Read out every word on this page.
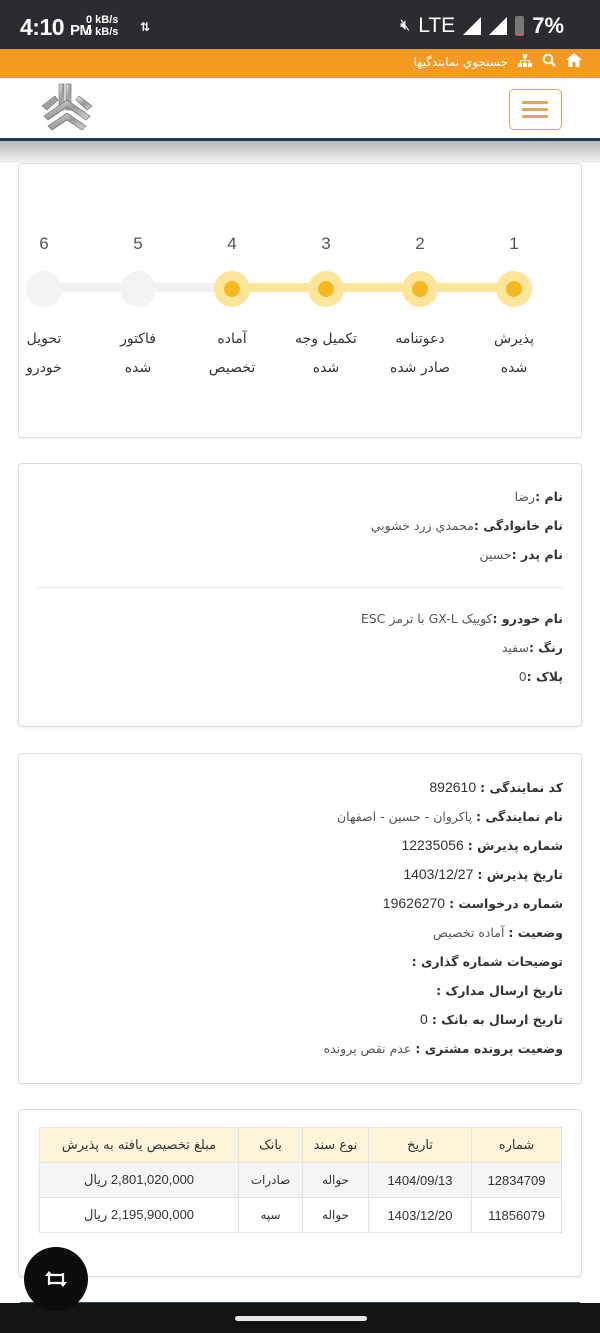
4:10 PM
0 kB/s
0 kB/s ⇅	🔇︎ LTE	7%
جستجوي نمايندگيها
1
پذيرش شده
2
دعوتنامه صادر شده
3
تكميل وجه شده
4
آماده تخصيص
5
فاكتور شده
6
تحويل خودرو
نام :رضا
نام خانوادگی :محمدي زرد خشوبي
نام پدر :حسين
نام خودرو :كوييک GX-L با ترمز ESC
رنگ :سفيد
پلاک :0
کد نمایندگی : 892610
نام نمایندگی : پاکروان - حسین - اصفهان
شماره پذیرش : 12235056
تاریخ پذیرش : 1403/12/27
شماره درخواست : 19626270
وضعیت : آماده تخصیص
توضیحات شماره گذاری :
تاریخ ارسال مدارک :
تاریخ ارسال به بانک : 0
وضعیت پرونده مشتری : عدم نقص پرونده
شماره	تاریخ	نوع سند	بانک	مبلغ تخصیص یافته به پذیرش
12834709	1404/09/13	حواله	صادرات	2,801,020,000 ریال
11856079	1403/12/20	حواله	سپه	2,195,900,000 ریال
